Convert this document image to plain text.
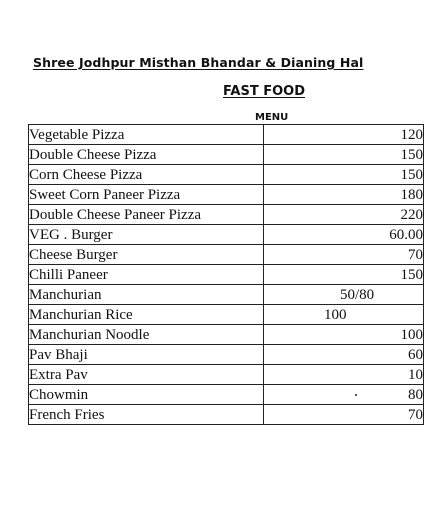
Shree Jodhpur Misthan Bhandar & Dianing Hal
FAST FOOD
MENU
Vegetable Pizza	120
Double Cheese Pizza	150
Corn Cheese Pizza	150
Sweet Corn Paneer Pizza	180
Double Cheese Paneer Pizza	220
VEG . Burger	60.00
Cheese Burger	70
Chilli Paneer	150
Manchurian	50/80
Manchurian Rice	100
Manchurian Noodle	100
Pav Bhaji	60
Extra Pav	10
Chowmin	80
French Fries	70
